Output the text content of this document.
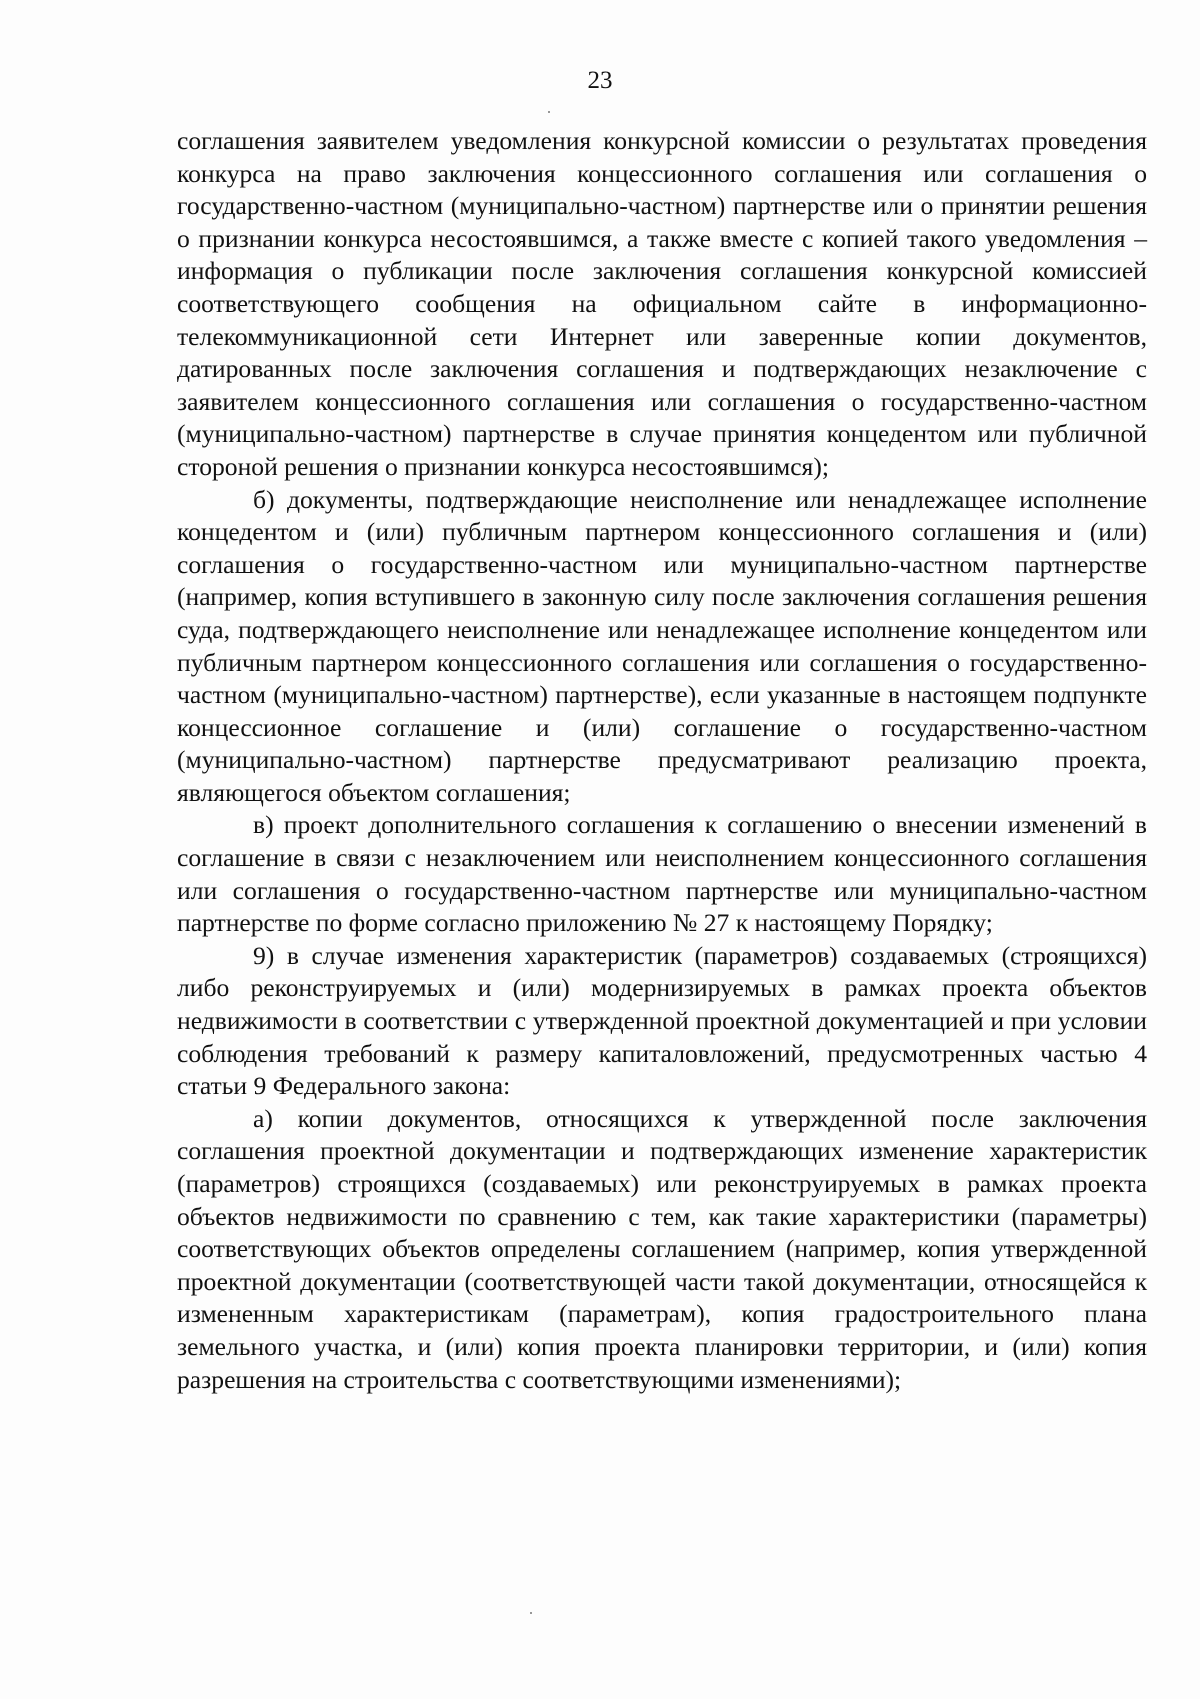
23

соглашения заявителем уведомления конкурсной комиссии о результатах проведения конкурса на право заключения концессионного соглашения или соглашения о государственно-частном (муниципально-частном) партнерстве или о принятии решения о признании конкурса несостоявшимся, а также вместе с копией такого уведомления – информация о публикации после заключения соглашения конкурсной комиссией соответствующего сообщения на официальном сайте в информационно-телекоммуникационной сети Интернет или заверенные копии документов, датированных после заключения соглашения и подтверждающих незаключение с заявителем концессионного соглашения или соглашения о государственно-частном (муниципально-частном) партнерстве в случае принятия концедентом или публичной стороной решения о признании конкурса несостоявшимся);

б) документы, подтверждающие неисполнение или ненадлежащее исполнение концедентом и (или) публичным партнером концессионного соглашения и (или) соглашения о государственно-частном или муниципально-частном партнерстве (например, копия вступившего в законную силу после заключения соглашения решения суда, подтверждающего неисполнение или ненадлежащее исполнение концедентом или публичным партнером концессионного соглашения или соглашения о государственно-частном (муниципально-частном) партнерстве), если указанные в настоящем подпункте концессионное соглашение и (или) соглашение о государственно-частном (муниципально-частном) партнерстве предусматривают реализацию проекта, являющегося объектом соглашения;

в) проект дополнительного соглашения к соглашению о внесении изменений в соглашение в связи с незаключением или неисполнением концессионного соглашения или соглашения о государственно-частном партнерстве или муниципально-частном партнерстве по форме согласно приложению № 27 к настоящему Порядку;

9) в случае изменения характеристик (параметров) создаваемых (строящихся) либо реконструируемых и (или) модернизируемых в рамках проекта объектов недвижимости в соответствии с утвержденной проектной документацией и при условии соблюдения требований к размеру капиталовложений, предусмотренных частью 4 статьи 9 Федерального закона:

а) копии документов, относящихся к утвержденной после заключения соглашения проектной документации и подтверждающих изменение характеристик (параметров) строящихся (создаваемых) или реконструируемых в рамках проекта объектов недвижимости по сравнению с тем, как такие характеристики (параметры) соответствующих объектов определены соглашением (например, копия утвержденной проектной документации (соответствующей части такой документации, относящейся к измененным характеристикам (параметрам), копия градостроительного плана земельного участка, и (или) копия проекта планировки территории, и (или) копия разрешения на строительства с соответствующими изменениями);
